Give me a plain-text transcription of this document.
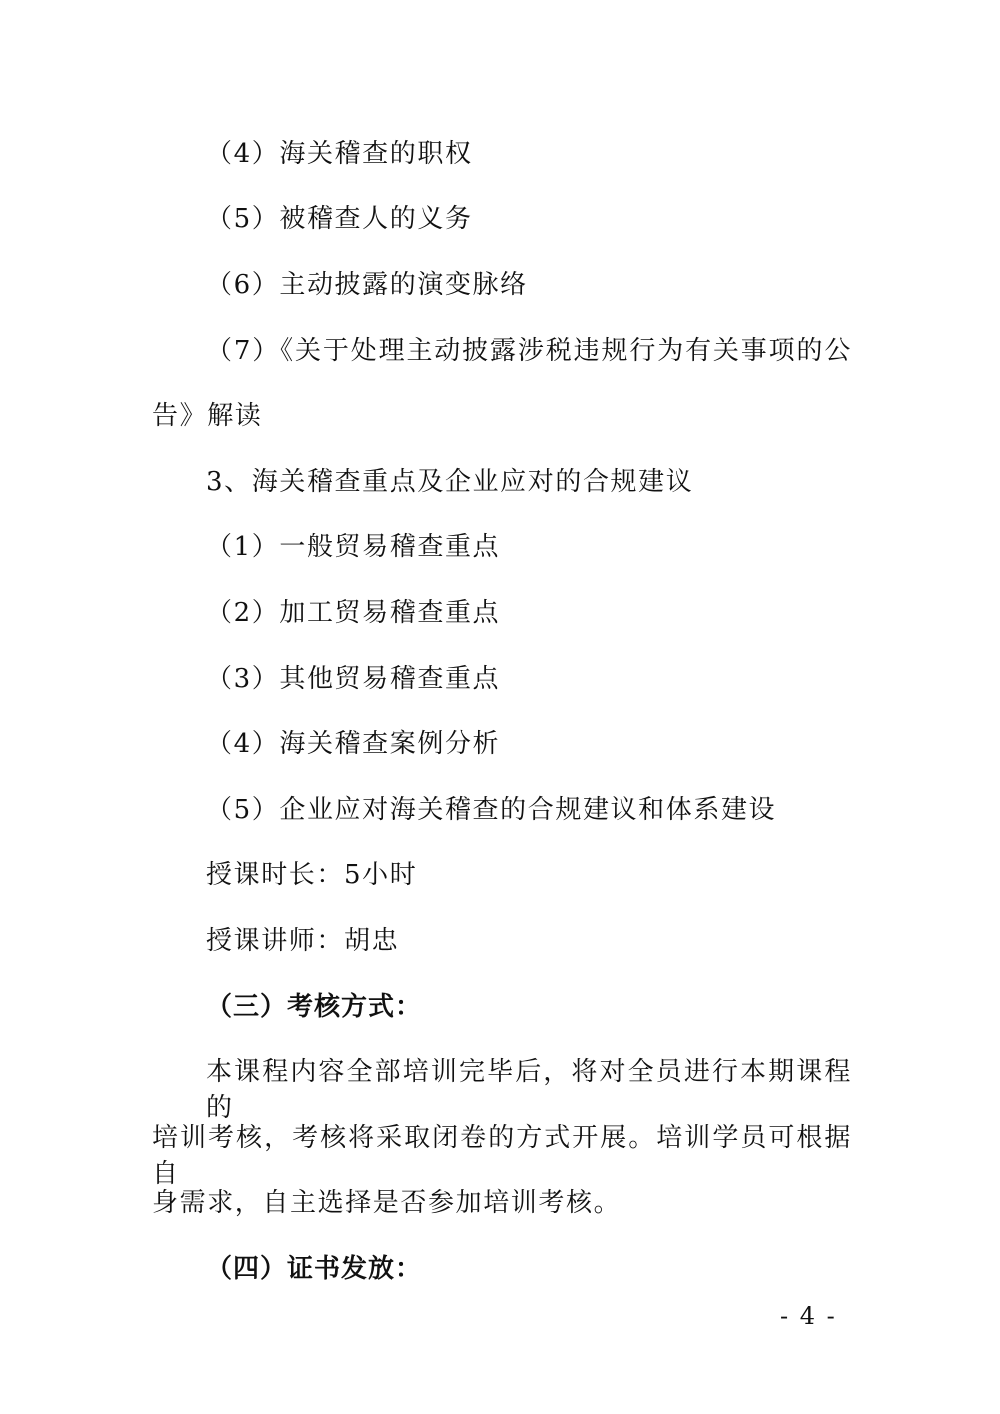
（4）海关稽查的职权
（5）被稽查人的义务
（6）主动披露的演变脉络
（7）《关于处理主动披露涉税违规行为有关事项的公
告》解读
3、海关稽查重点及企业应对的合规建议
（1）一般贸易稽查重点
（2）加工贸易稽查重点
（3）其他贸易稽查重点
（4）海关稽查案例分析
（5）企业应对海关稽查的合规建议和体系建设
授课时长：5小时
授课讲师：胡忠
（三）考核方式：
本课程内容全部培训完毕后，将对全员进行本期课程的
培训考核，考核将采取闭卷的方式开展。培训学员可根据自
身需求，自主选择是否参加培训考核。
（四）证书发放：
- 4 -
